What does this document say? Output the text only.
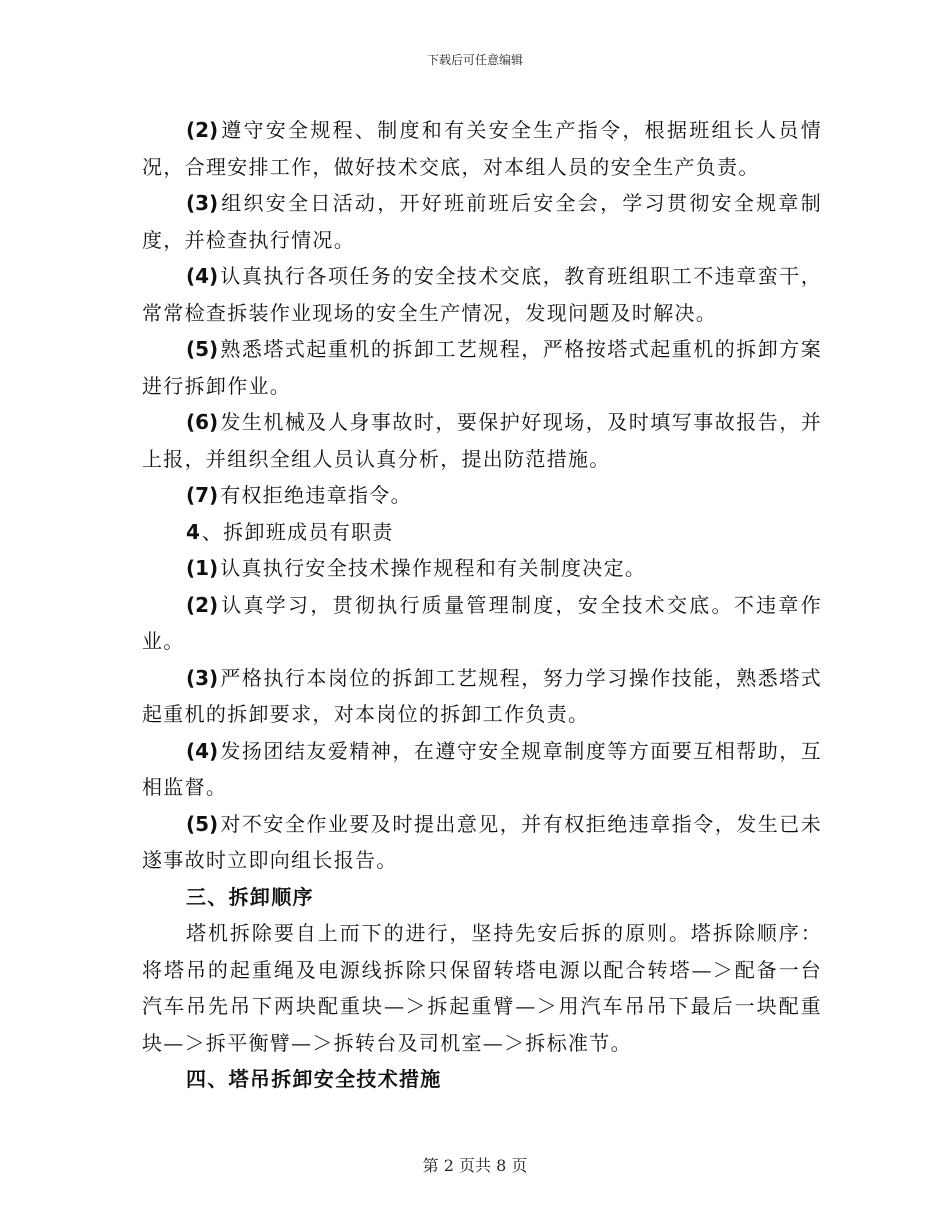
下载后可任意编辑

(2) 遵守安全规程、制度和有关安全生产指令，根据班组长人员情况，合理安排工作，做好技术交底，对本组人员的安全生产负责。

(3) 组织安全日活动，开好班前班后安全会，学习贯彻安全规章制度，并检查执行情况。

(4) 认真执行各项任务的安全技术交底，教育班组职工不违章蛮干，常常检查拆装作业现场的安全生产情况，发现问题及时解决。

(5) 熟悉塔式起重机的拆卸工艺规程，严格按塔式起重机的拆卸方案进行拆卸作业。

(6) 发生机械及人身事故时，要保护好现场，及时填写事故报告，并上报，并组织全组人员认真分析，提出防范措施。

(7) 有权拒绝违章指令。

4 、拆卸班成员有职责

(1) 认真执行安全技术操作规程和有关制度决定。

(2) 认真学习，贯彻执行质量管理制度，安全技术交底。不违章作业。

(3) 严格执行本岗位的拆卸工艺规程，努力学习操作技能，熟悉塔式起重机的拆卸要求，对本岗位的拆卸工作负责。

(4) 发扬团结友爱精神，在遵守安全规章制度等方面要互相帮助，互相监督。

(5) 对不安全作业要及时提出意见，并有权拒绝违章指令，发生已未遂事故时立即向组长报告。

三、拆卸顺序

塔机拆除要自上而下的进行，坚持先安后拆的原则。塔拆除顺序：将塔吊的起重绳及电源线拆除只保留转塔电源以配合转塔—＞配备一台汽车吊先吊下两块配重块—＞拆起重臂—＞用汽车吊吊下最后一块配重块—＞拆平衡臂—＞拆转台及司机室—＞拆标准节。

四、塔吊拆卸安全技术措施

第 2 页共 8 页
